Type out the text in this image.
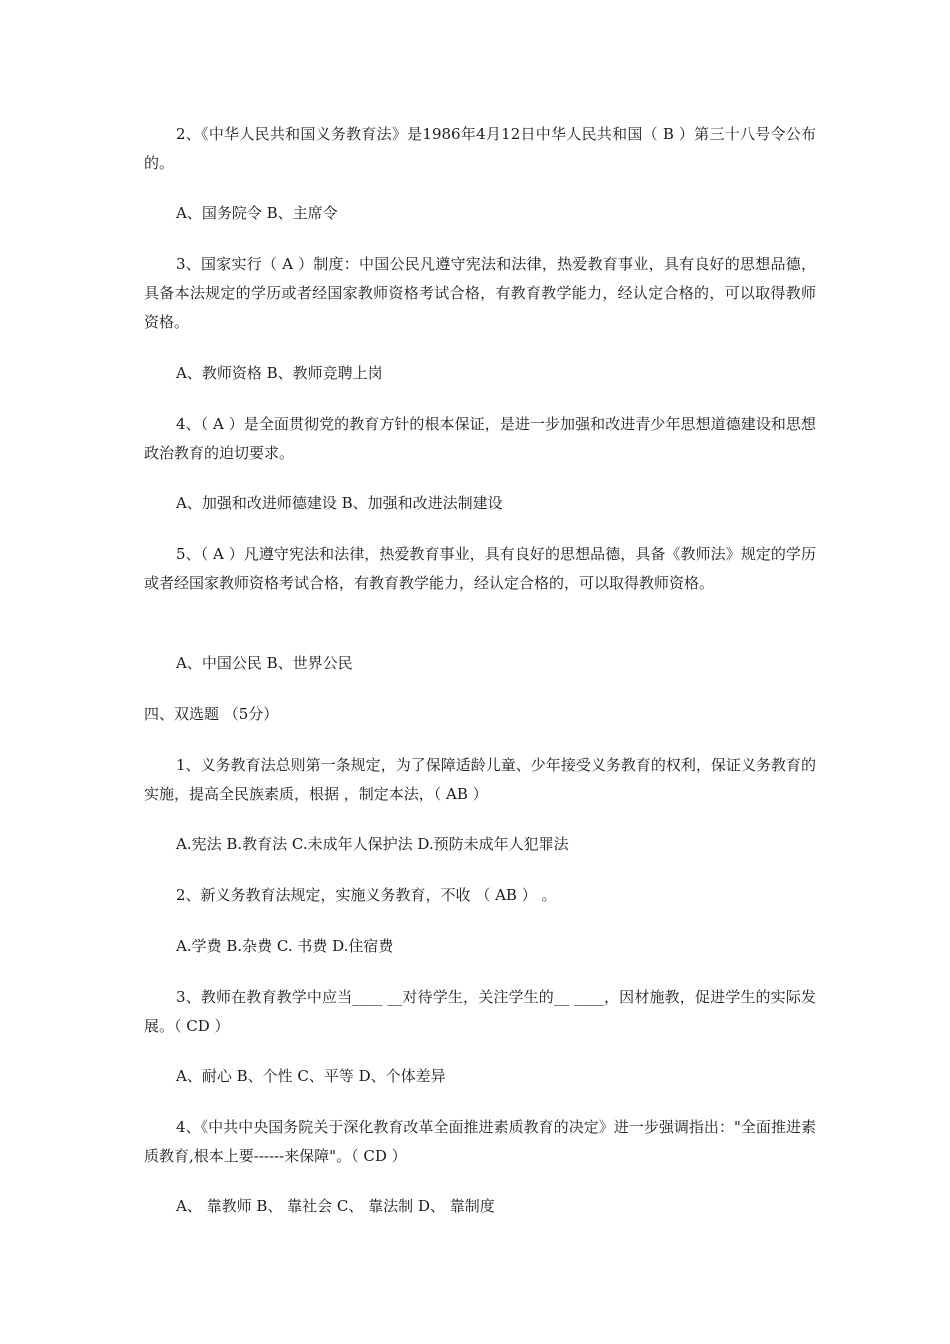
2、《中华人民共和国义务教育法》是1986年4月12日中华人民共和国（ B ）第三十八号令公布的。

A、国务院令 B、主席令

3、国家实行（ A ）制度：中国公民凡遵守宪法和法律，热爱教育事业，具有良好的思想品德，具备本法规定的学历或者经国家教师资格考试合格，有教育教学能力，经认定合格的，可以取得教师资格。

A、教师资格 B、教师竞聘上岗

4、（ A ）是全面贯彻党的教育方针的根本保证，是进一步加强和改进青少年思想道德建设和思想政治教育的迫切要求。

A、加强和改进师德建设 B、加强和改进法制建设

5、（ A ）凡遵守宪法和法律，热爱教育事业，具有良好的思想品德，具备《教师法》规定的学历或者经国家教师资格考试合格，有教育教学能力，经认定合格的，可以取得教师资格。

A、中国公民 B、世界公民

四、双选题 （5分）

1、义务教育法总则第一条规定，为了保障适龄儿童、少年接受义务教育的权利，保证义务教育的实施，提高全民族素质，根据 ，制定本法，（ AB ）

A.宪法 B.教育法 C.未成年人保护法 D.预防未成年人犯罪法

2、新义务教育法规定，实施义务教育，不收 （ AB ） 。

A.学费 B.杂费 C. 书费 D.住宿费

3、教师在教育教学中应当____ __对待学生，关注学生的__ ____，因材施教，促进学生的实际发展。（ CD ）

A、耐心 B、个性 C、平等 D、个体差异

4、《中共中央国务院关于深化教育改革全面推进素质教育的决定》进一步强调指出："全面推进素质教育,根本上要------来保障"。（ CD ）

A、 靠教师 B、 靠社会 C、 靠法制 D、 靠制度
